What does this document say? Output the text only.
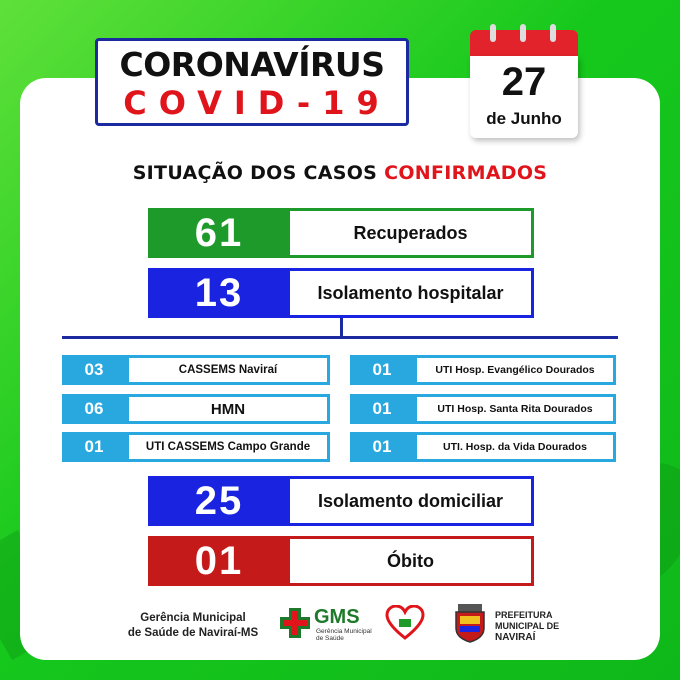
CORONAVÍRUS
COVID-19	27
de Junho
SITUAÇÃO DOS CASOS CONFIRMADOS
61	Recuperados
13	Isolamento hospitalar
03	CASSEMS Naviraí
06	HMN
01	UTI CASSEMS Campo Grande
01	UTI Hosp. Evangélico Dourados
01	UTI Hosp. Santa Rita Dourados
01	UTI. Hosp. da Vida Dourados
25	Isolamento domiciliar
01	Óbito
Gerência Municipal
de Saúde de Naviraí-MS
GMS
Gerência Municipal de Saúde
PREFEITURA
MUNICIPAL DE
NAVIRAÍ
